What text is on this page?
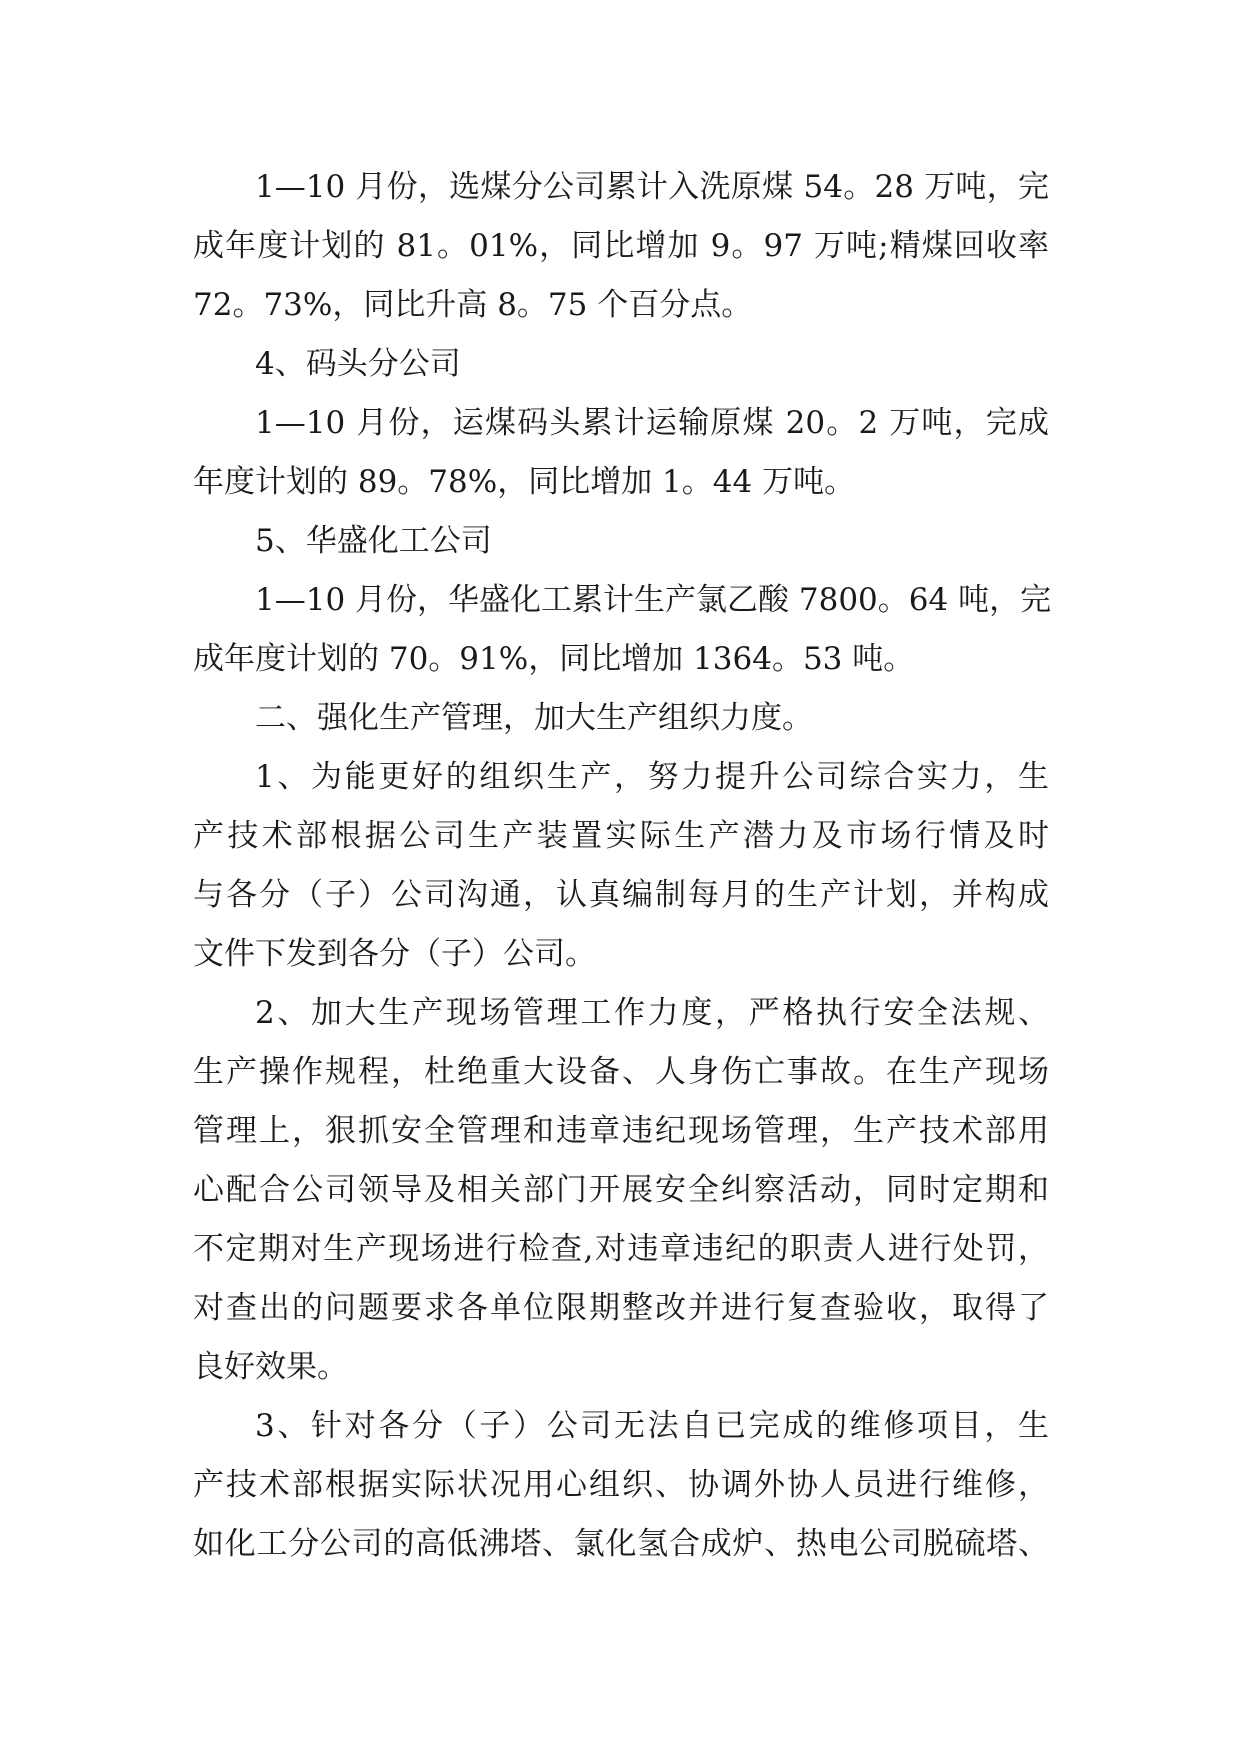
1—10 月份，选煤分公司累计入洗原煤 54。28 万吨，完
成年度计划的 81。01%，同比增加 9。97 万吨;精煤回收率
72。73%，同比升高 8。75 个百分点。
4、码头分公司
1—10 月份，运煤码头累计运输原煤 20。2 万吨，完成
年度计划的 89。78%，同比增加 1。44 万吨。
5、华盛化工公司
1—10 月份，华盛化工累计生产氯乙酸 7800。64 吨，完
成年度计划的 70。91%，同比增加 1364。53 吨。
二、强化生产管理，加大生产组织力度。
1、为能更好的组织生产，努力提升公司综合实力，生
产技术部根据公司生产装置实际生产潜力及市场行情及时
与各分（子）公司沟通，认真编制每月的生产计划，并构成
文件下发到各分（子）公司。
2、加大生产现场管理工作力度，严格执行安全法规、
生产操作规程，杜绝重大设备、人身伤亡事故。在生产现场
管理上，狠抓安全管理和违章违纪现场管理，生产技术部用
心配合公司领导及相关部门开展安全纠察活动，同时定期和
不定期对生产现场进行检查,对违章违纪的职责人进行处罚，
对查出的问题要求各单位限期整改并进行复查验收，取得了
良好效果。
3、针对各分（子）公司无法自已完成的维修项目，生
产技术部根据实际状况用心组织、协调外协人员进行维修，
如化工分公司的高低沸塔、氯化氢合成炉、热电公司脱硫塔、
